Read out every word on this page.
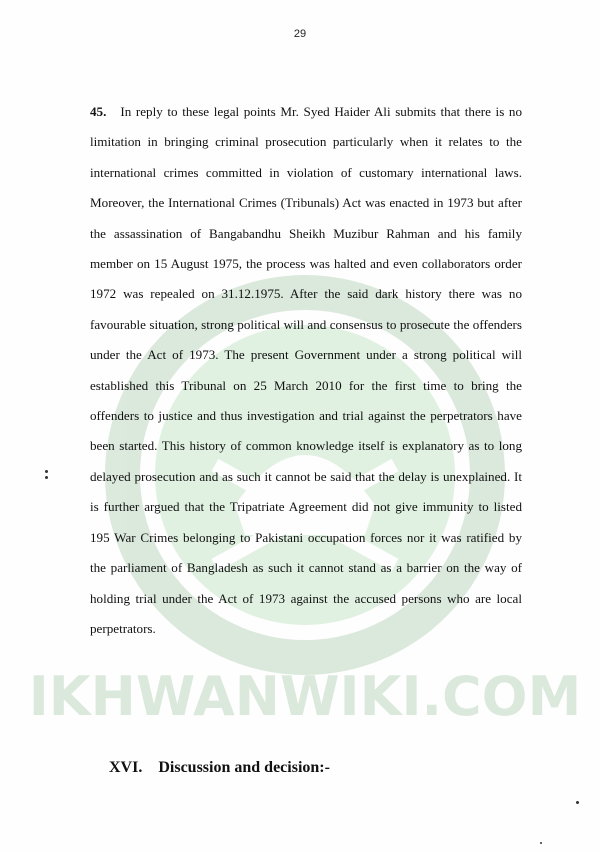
IKHWANWIKI.COM
29
45. In reply to these legal points Mr. Syed Haider Ali submits that there is no limitation in bringing criminal prosecution particularly when it relates to the international crimes committed in violation of customary international laws. Moreover, the International Crimes (Tribunals) Act was enacted in 1973 but after the assassination of Bangabandhu Sheikh Muzibur Rahman and his family member on 15 August 1975, the process was halted and even collaborators order 1972 was repealed on 31.12.1975. After the said dark history there was no favourable situation, strong political will and consensus to prosecute the offenders under the Act of 1973. The present Government under a strong political will established this Tribunal on 25 March 2010 for the first time to bring the offenders to justice and thus investigation and trial against the perpetrators have been started. This history of common knowledge itself is explanatory as to long delayed prosecution and as such it cannot be said that the delay is unexplained. It is further argued that the Tripatriate Agreement did not give immunity to listed 195 War Crimes belonging to Pakistani occupation forces nor it was ratified by the parliament of Bangladesh as such it cannot stand as a barrier on the way of holding trial under the Act of 1973 against the accused persons who are local perpetrators.
XVI. Discussion and decision:-
